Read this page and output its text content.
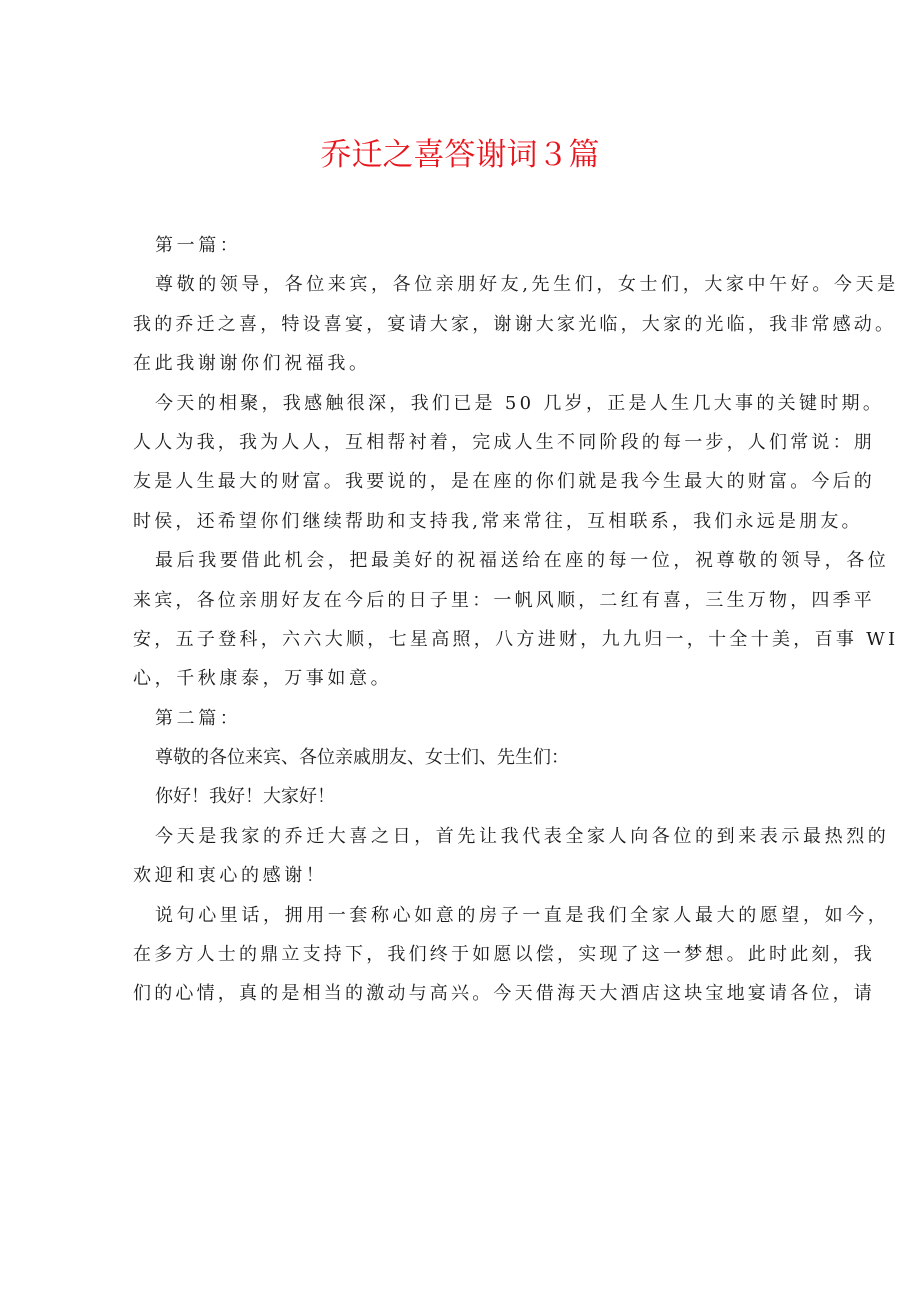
乔迁之喜答谢词３篇
第一篇：
尊敬的领导，各位来宾，各位亲朋好友,先生们，女士们，大家中午好。今天是
我的乔迁之喜，特设喜宴，宴请大家，谢谢大家光临，大家的光临，我非常感动。
在此我谢谢你们祝福我。
今天的相聚，我感触很深，我们已是 50 几岁，正是人生几大事的关键时期。
人人为我，我为人人，互相帮衬着，完成人生不同阶段的每一步，人们常说：朋
友是人生最大的财富。我要说的，是在座的你们就是我今生最大的财富。今后的
时侯，还希望你们继续帮助和支持我,常来常往，互相联系，我们永远是朋友。
最后我要借此机会，把最美好的祝福送给在座的每一位，祝尊敬的领导，各位
来宾，各位亲朋好友在今后的日子里：一帆风顺，二红有喜，三生万物，四季平
安，五子登科，六六大顺，七星高照，八方进财，九九归一，十全十美，百事 WI
心，千秋康泰，万事如意。
第二篇：
尊敬的各位来宾、各位亲戚朋友、女士们、先生们：
你好！我好！大家好！
今天是我家的乔迁大喜之日，首先让我代表全家人向各位的到来表示最热烈的
欢迎和衷心的感谢！
说句心里话，拥用一套称心如意的房子一直是我们全家人最大的愿望，如今，
在多方人士的鼎立支持下，我们终于如愿以偿，实现了这一梦想。此时此刻，我
们的心情，真的是相当的激动与高兴。今天借海天大酒店这块宝地宴请各位，请
